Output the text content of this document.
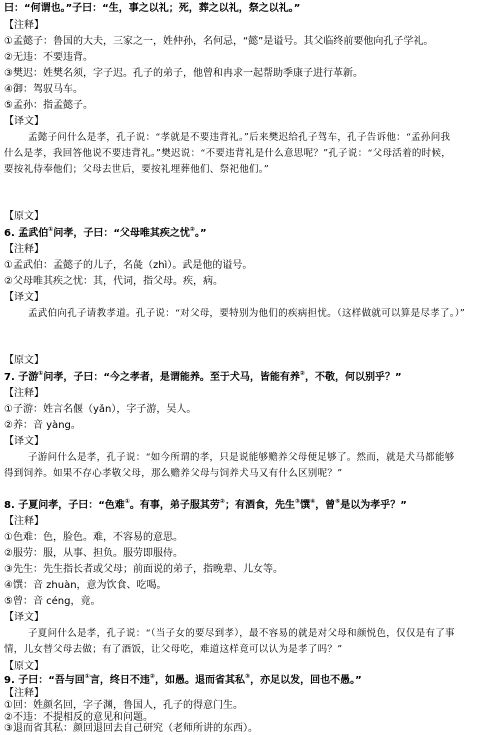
曰：“何谓也。”子曰：“生，事之以礼；死，葬之以礼，祭之以礼。”
【注释】
①孟懿子：鲁国的大夫，三家之一，姓仲孙，名何忌，“懿”是谥号。其父临终前要他向孔子学礼。
②无违：不要违背。
③樊迟：姓樊名须，字子迟。孔子的弟子，他曾和冉求一起帮助季康子进行革新。
④御：驾驭马车。
⑤孟孙：指孟懿子。
【译文】
孟懿子问什么是孝，孔子说：“孝就是不要违背礼。”后来樊迟给孔子驾车，孔子告诉他：“孟孙问我
什么是孝，我回答他说不要违背礼。”樊迟说：“不要违背礼是什么意思呢？”孔子说：“父母活着的时候，
要按礼侍奉他们；父母去世后，要按礼埋葬他们、祭祀他们。”
【原文】
6. 孟武伯①问孝，子曰：“父母唯其疾之忧②。”
【注释】
①孟武伯：孟懿子的儿子，名彘（zhì）。武是他的谥号。
②父母唯其疾之忧：其，代词，指父母。疾，病。
【译文】
孟武伯向孔子请教孝道。孔子说：“对父母，要特别为他们的疾病担忧。（这样做就可以算是尽孝了。）”
【原文】
7. 子游①问孝，子曰：“今之孝者，是谓能养。至于犬马，皆能有养②，不敬，何以别乎？”
【注释】
①子游：姓言名偃（yǎn），字子游，吴人。
②养：音 yàng。
【译文】
子游问什么是孝，孔子说：“如今所谓的孝，只是说能够赡养父母便足够了。然而，就是犬马都能够
得到饲养。如果不存心孝敬父母，那么赡养父母与饲养犬马又有什么区别呢？”
8. 子夏问孝，子曰：“色难①。有事，弟子服其劳②；有酒食，先生③馔④，曾⑤是以为孝乎？”
【注释】
①色难：色，脸色。难，不容易的意思。
②服劳：服，从事、担负。服劳即服侍。
③先生：先生指长者或父母；前面说的弟子，指晚辈、儿女等。
④馔：音 zhuàn，意为饮食、吃喝。
⑤曾：音 céng，竟。
【译文】
子夏问什么是孝，孔子说：“（当子女的要尽到孝），最不容易的就是对父母和颜悦色，仅仅是有了事
情，儿女替父母去做；有了酒饭，让父母吃，难道这样竟可以认为是孝了吗？”
【原文】
9. 子曰：“吾与回①言，终日不违②，如愚。退而省其私③，亦足以发，回也不愚。”
【注释】
①回：姓颜名回，字子渊，鲁国人，孔子的得意门生。
②不违：不提相反的意见和问题。
③退而省其私：颜回退回去自己研究（老师所讲的东西）。
